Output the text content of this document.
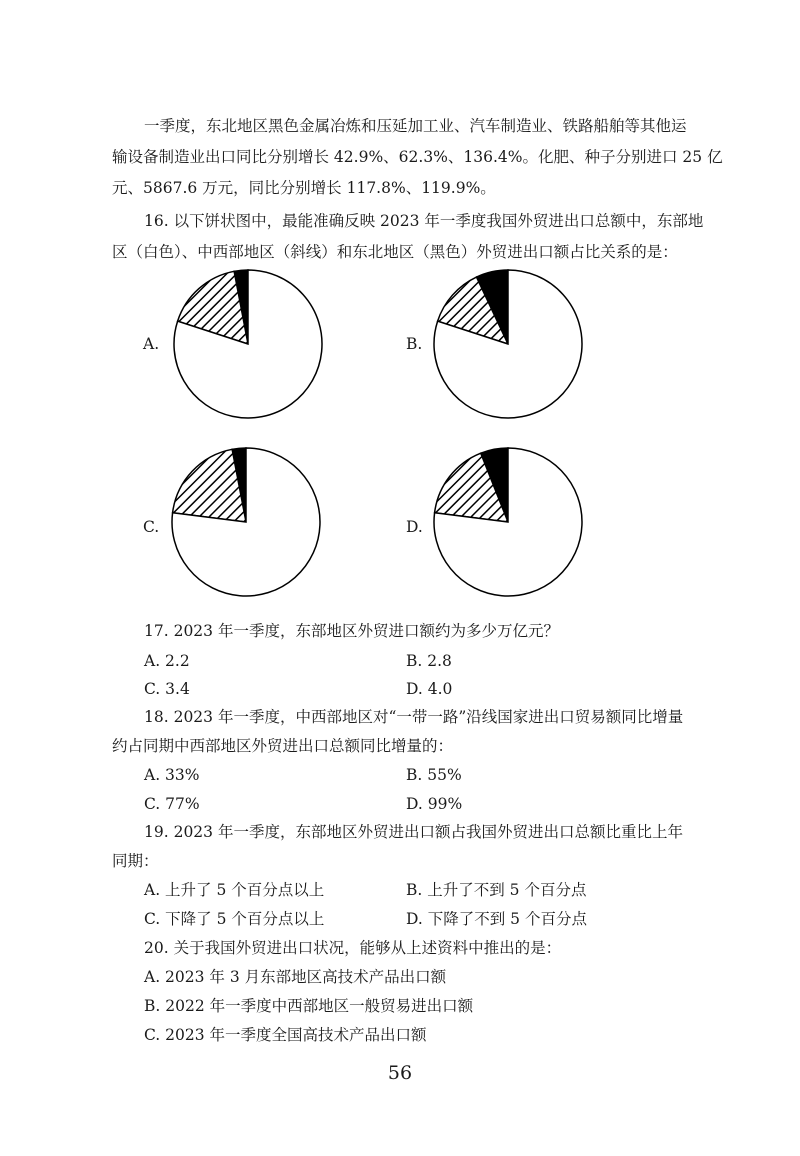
一季度，东北地区黑色金属冶炼和压延加工业、汽车制造业、铁路船舶等其他运
输设备制造业出口同比分别增长 42.9%、62.3%、136.4%。化肥、种子分别进口 25 亿
元、5867.6 万元，同比分别增长 117.8%、119.9%。
16. 以下饼状图中，最能准确反映 2023 年一季度我国外贸进出口总额中，东部地
区（白色）、中西部地区（斜线）和东北地区（黑色）外贸进出口额占比关系的是：
A.	B.
C.	D.
17. 2023 年一季度，东部地区外贸进口额约为多少万亿元？
A. 2.2	B. 2.8
C. 3.4	D. 4.0
18. 2023 年一季度，中西部地区对“一带一路”沿线国家进出口贸易额同比增量
约占同期中西部地区外贸进出口总额同比增量的：
A. 33%	B. 55%
C. 77%	D. 99%
19. 2023 年一季度，东部地区外贸进出口额占我国外贸进出口总额比重比上年
同期：
A. 上升了 5 个百分点以上	B. 上升了不到 5 个百分点
C. 下降了 5 个百分点以上	D. 下降了不到 5 个百分点
20. 关于我国外贸进出口状况，能够从上述资料中推出的是：
A. 2023 年 3 月东部地区高技术产品出口额
B. 2022 年一季度中西部地区一般贸易进出口额
C. 2023 年一季度全国高技术产品出口额
56
